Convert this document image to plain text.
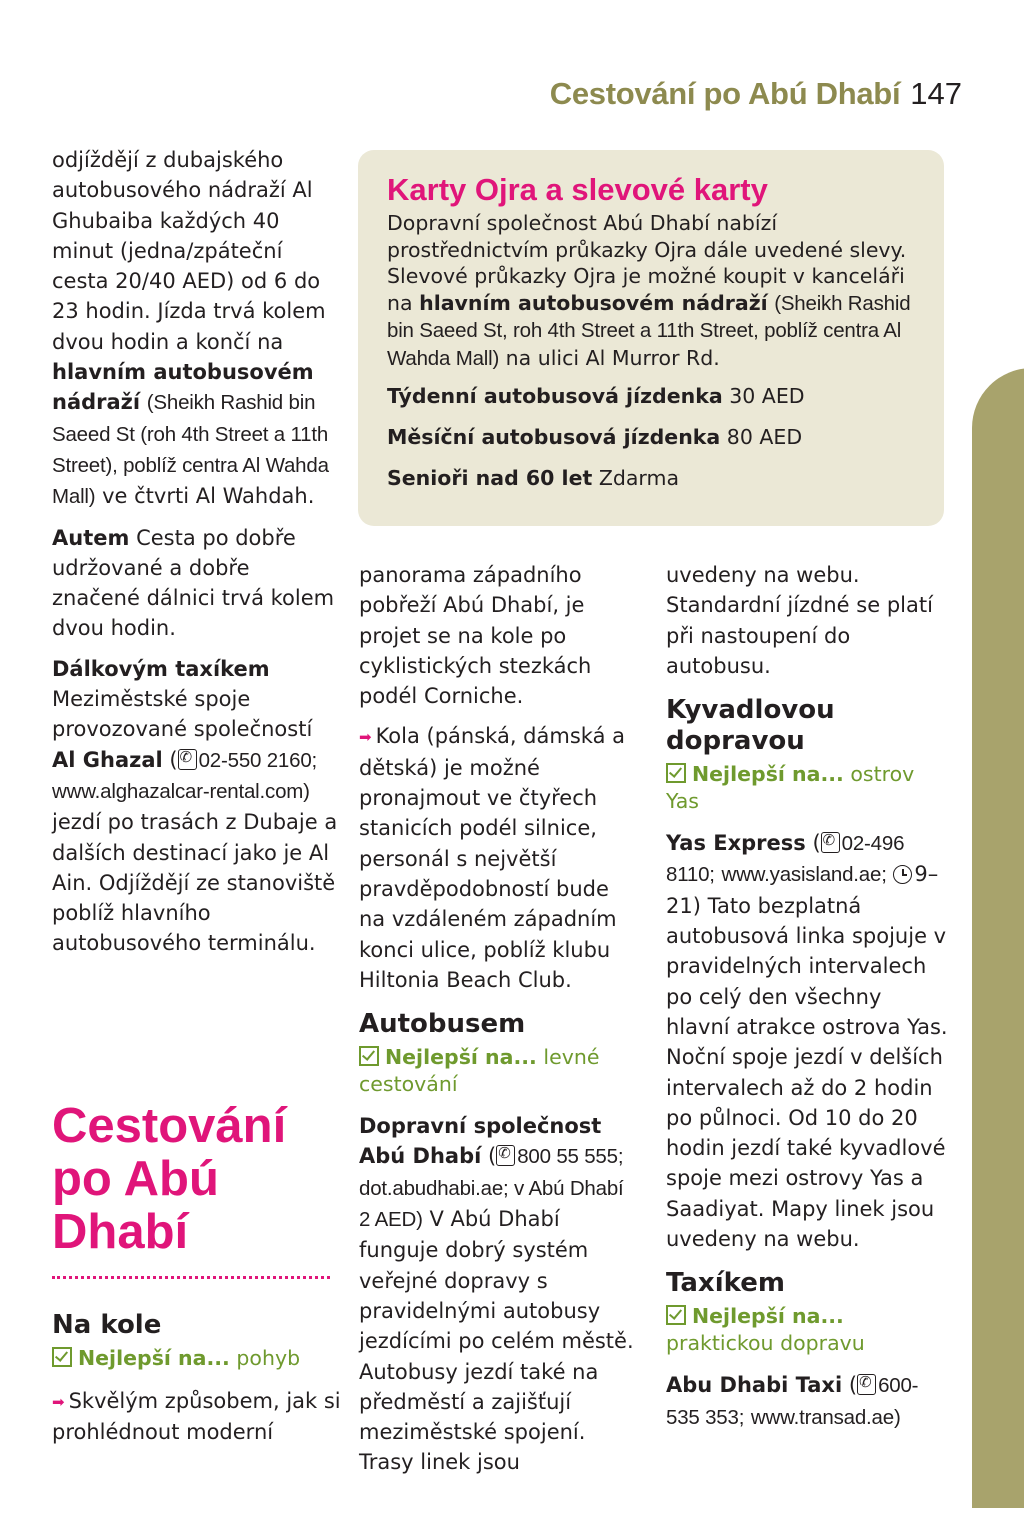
Cestování po Abú Dhabí 147

odjíždějí z dubajského autobusového nádraží Al Ghubaiba každých 40 minut (jedna/zpáteční cesta 20/40 AED) od 6 do 23 hodin. Jízda trvá kolem dvou hodin a končí na hlavním autobusovém nádraží (Sheikh Rashid bin Saeed St (roh 4th Street a 11th Street), poblíž centra Al Wahda Mall) ve čtvrti Al Wahdah.

Autem Cesta po dobře udržované a dobře značené dálnici trvá kolem dvou hodin.

Dálkovým taxíkem
Meziměstské spoje provozované společností Al Ghazal ( ✆ 02-550 2160; www.alghazalcar-rental.com) jezdí po trasách z Dubaje a dalších destinací jako je Al Ain. Odjíždějí ze stanoviště poblíž hlavního autobusového terminálu.

Cestování po Abú Dhabí
Na kole
Nejlepší na... pohyb

➡ Skvělým způsobem, jak si prohlédnout moderní

Karty Ojra a slevové karty
Dopravní společnost Abú Dhabí nabízí prostřednictvím průkazky Ojra dále uvedené slevy. Slevové průkazky Ojra je možné koupit v kanceláři na hlavním autobusovém nádraží (Sheikh Rashid bin Saeed St, roh 4th Street a 11th Street, poblíž centra Al Wahda Mall) na ulici Al Murror Rd.
Týdenní autobusová jízdenka 30 AED
Měsíční autobusová jízdenka 80 AED
Senioři nad 60 let Zdarma

panorama západního pobřeží Abú Dhabí, je projet se na kole po cyklistických stezkách podél Corniche.

➡ Kola (pánská, dámská a dětská) je možné pronajmout ve čtyřech stanicích podél silnice, personál s největší pravděpodobností bude na vzdáleném západním konci ulice, poblíž klubu Hiltonia Beach Club.

Autobusem
Nejlepší na... levné cestování

Dopravní společnost Abú Dhabí ( ✆ 800 55 555; dot.abudhabi.ae; v Abú Dhabí 2 AED) V Abú Dhabí funguje dobrý systém veřejné dopravy s pravidelnými autobusy jezdícími po celém městě. Autobusy jezdí také na předměstí a zajišťují meziměstské spojení. Trasy linek jsou

uvedeny na webu. Standardní jízdné se platí při nastoupení do autobusu.

Kyvadlovou dopravou
Nejlepší na... ostrov Yas

Yas Express ( ✆ 02-496 8110; www.yasisland.ae; 9–21) Tato bezplatná autobusová linka spojuje v pravidelných intervalech po celý den všechny hlavní atrakce ostrova Yas. Noční spoje jezdí v delších intervalech až do 2 hodin po půlnoci. Od 10 do 20 hodin jezdí také kyvadlové spoje mezi ostrovy Yas a Saadiyat. Mapy linek jsou uvedeny na webu.

Taxíkem
Nejlepší na... praktickou dopravu

Abu Dhabi Taxi ( ✆ 600-535 353; www.transad.ae)
